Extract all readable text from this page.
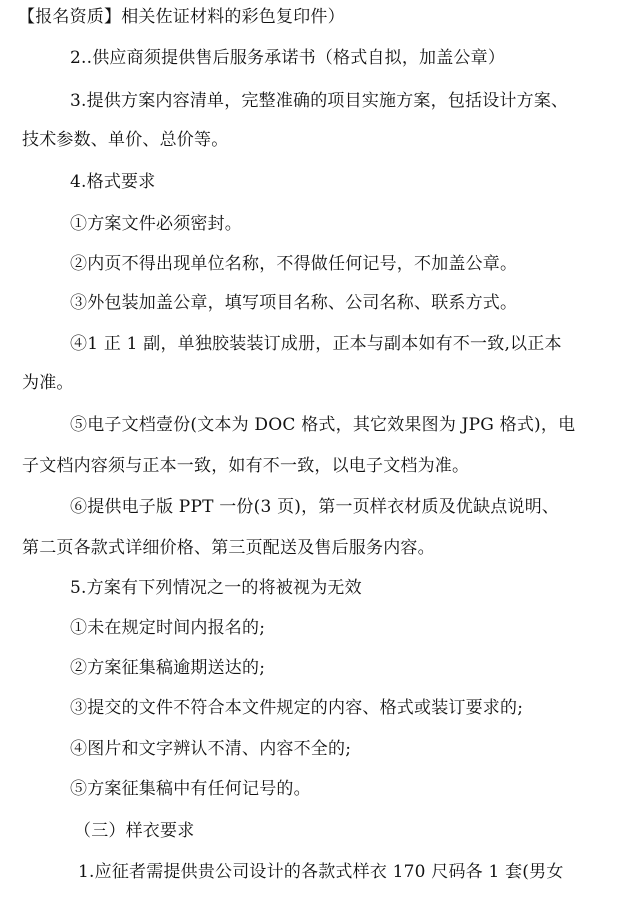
【报名资质】相关佐证材料的彩色复印件）
2..供应商须提供售后服务承诺书（格式自拟，加盖公章）
3.提供方案内容清单，完整准确的项目实施方案，包括设计方案、
技术参数、单价、总价等。
4.格式要求
①方案文件必须密封。
②内页不得出现单位名称，不得做任何记号，不加盖公章。
③外包装加盖公章，填写项目名称、公司名称、联系方式。
④1 正 1 副，单独胶装装订成册，正本与副本如有不一致,以正本
为准。
⑤电子文档壹份(文本为 DOC 格式，其它效果图为 JPG 格式)，电
子文档内容须与正本一致，如有不一致，以电子文档为准。
⑥提供电子版 PPT 一份(3 页)，第一页样衣材质及优缺点说明、
第二页各款式详细价格、第三页配送及售后服务内容。
5.方案有下列情况之一的将被视为无效
①未在规定时间内报名的;
②方案征集稿逾期送达的;
③提交的文件不符合本文件规定的内容、格式或装订要求的;
④图片和文字辨认不清、内容不全的;
⑤方案征集稿中有任何记号的。
（三）样衣要求
1.应征者需提供贵公司设计的各款式样衣 170 尺码各 1 套(男女
